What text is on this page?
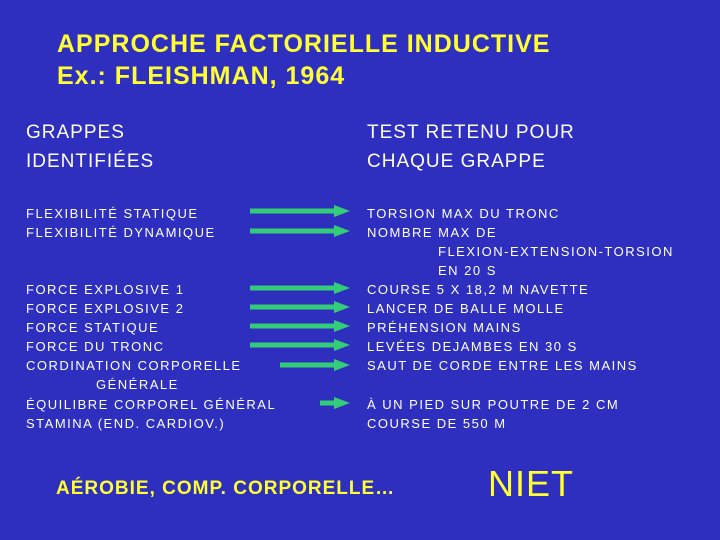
APPROCHE FACTORIELLE INDUCTIVE
Ex.: FLEISHMAN, 1964
GRAPPES
IDENTIFIÉES
TEST RETENU POUR
CHAQUE GRAPPE
FLEXIBILITÉ STATIQUE
FLEXIBILITÉ DYNAMIQUE
FORCE EXPLOSIVE 1
FORCE EXPLOSIVE 2
FORCE STATIQUE
FORCE DU TRONC
CORDINATION CORPORELLE
GÉNÉRALE
ÉQUILIBRE CORPOREL GÉNÉRAL
STAMINA (END. CARDIOV.)
TORSION MAX DU TRONC
NOMBRE MAX DE
FLEXION-EXTENSION-TORSION
EN 20 S
COURSE 5 X 18,2 M NAVETTE
LANCER DE BALLE MOLLE
PRÉHENSION MAINS
LEVÉES DEJAMBES EN 30 S
SAUT DE CORDE ENTRE LES MAINS
À UN PIED SUR POUTRE DE 2 CM
COURSE DE 550 M
AÉROBIE, COMP. CORPORELLE…	NIET
